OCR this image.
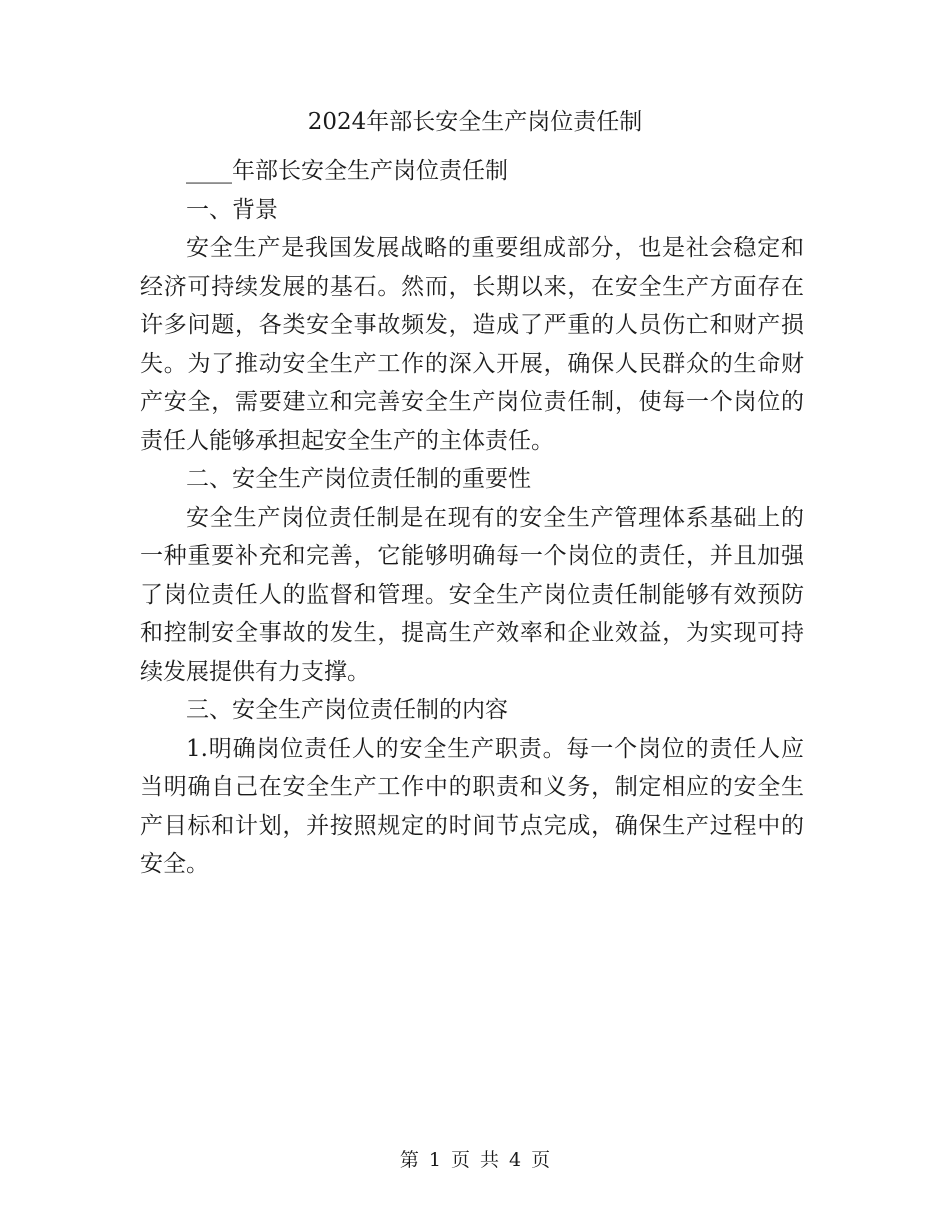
2024年部长安全生产岗位责任制

____年部长安全生产岗位责任制

一、背景

安全生产是我国发展战略的重要组成部分，也是社会稳定和经济可持续发展的基石。然而，长期以来，在安全生产方面存在许多问题，各类安全事故频发，造成了严重的人员伤亡和财产损失。为了推动安全生产工作的深入开展，确保人民群众的生命财产安全，需要建立和完善安全生产岗位责任制，使每一个岗位的责任人能够承担起安全生产的主体责任。

二、安全生产岗位责任制的重要性

安全生产岗位责任制是在现有的安全生产管理体系基础上的一种重要补充和完善，它能够明确每一个岗位的责任，并且加强了岗位责任人的监督和管理。安全生产岗位责任制能够有效预防和控制安全事故的发生，提高生产效率和企业效益，为实现可持续发展提供有力支撑。

三、安全生产岗位责任制的内容

1.明确岗位责任人的安全生产职责。每一个岗位的责任人应当明确自己在安全生产工作中的职责和义务，制定相应的安全生产目标和计划，并按照规定的时间节点完成，确保生产过程中的安全。

第 1 页 共 4 页
